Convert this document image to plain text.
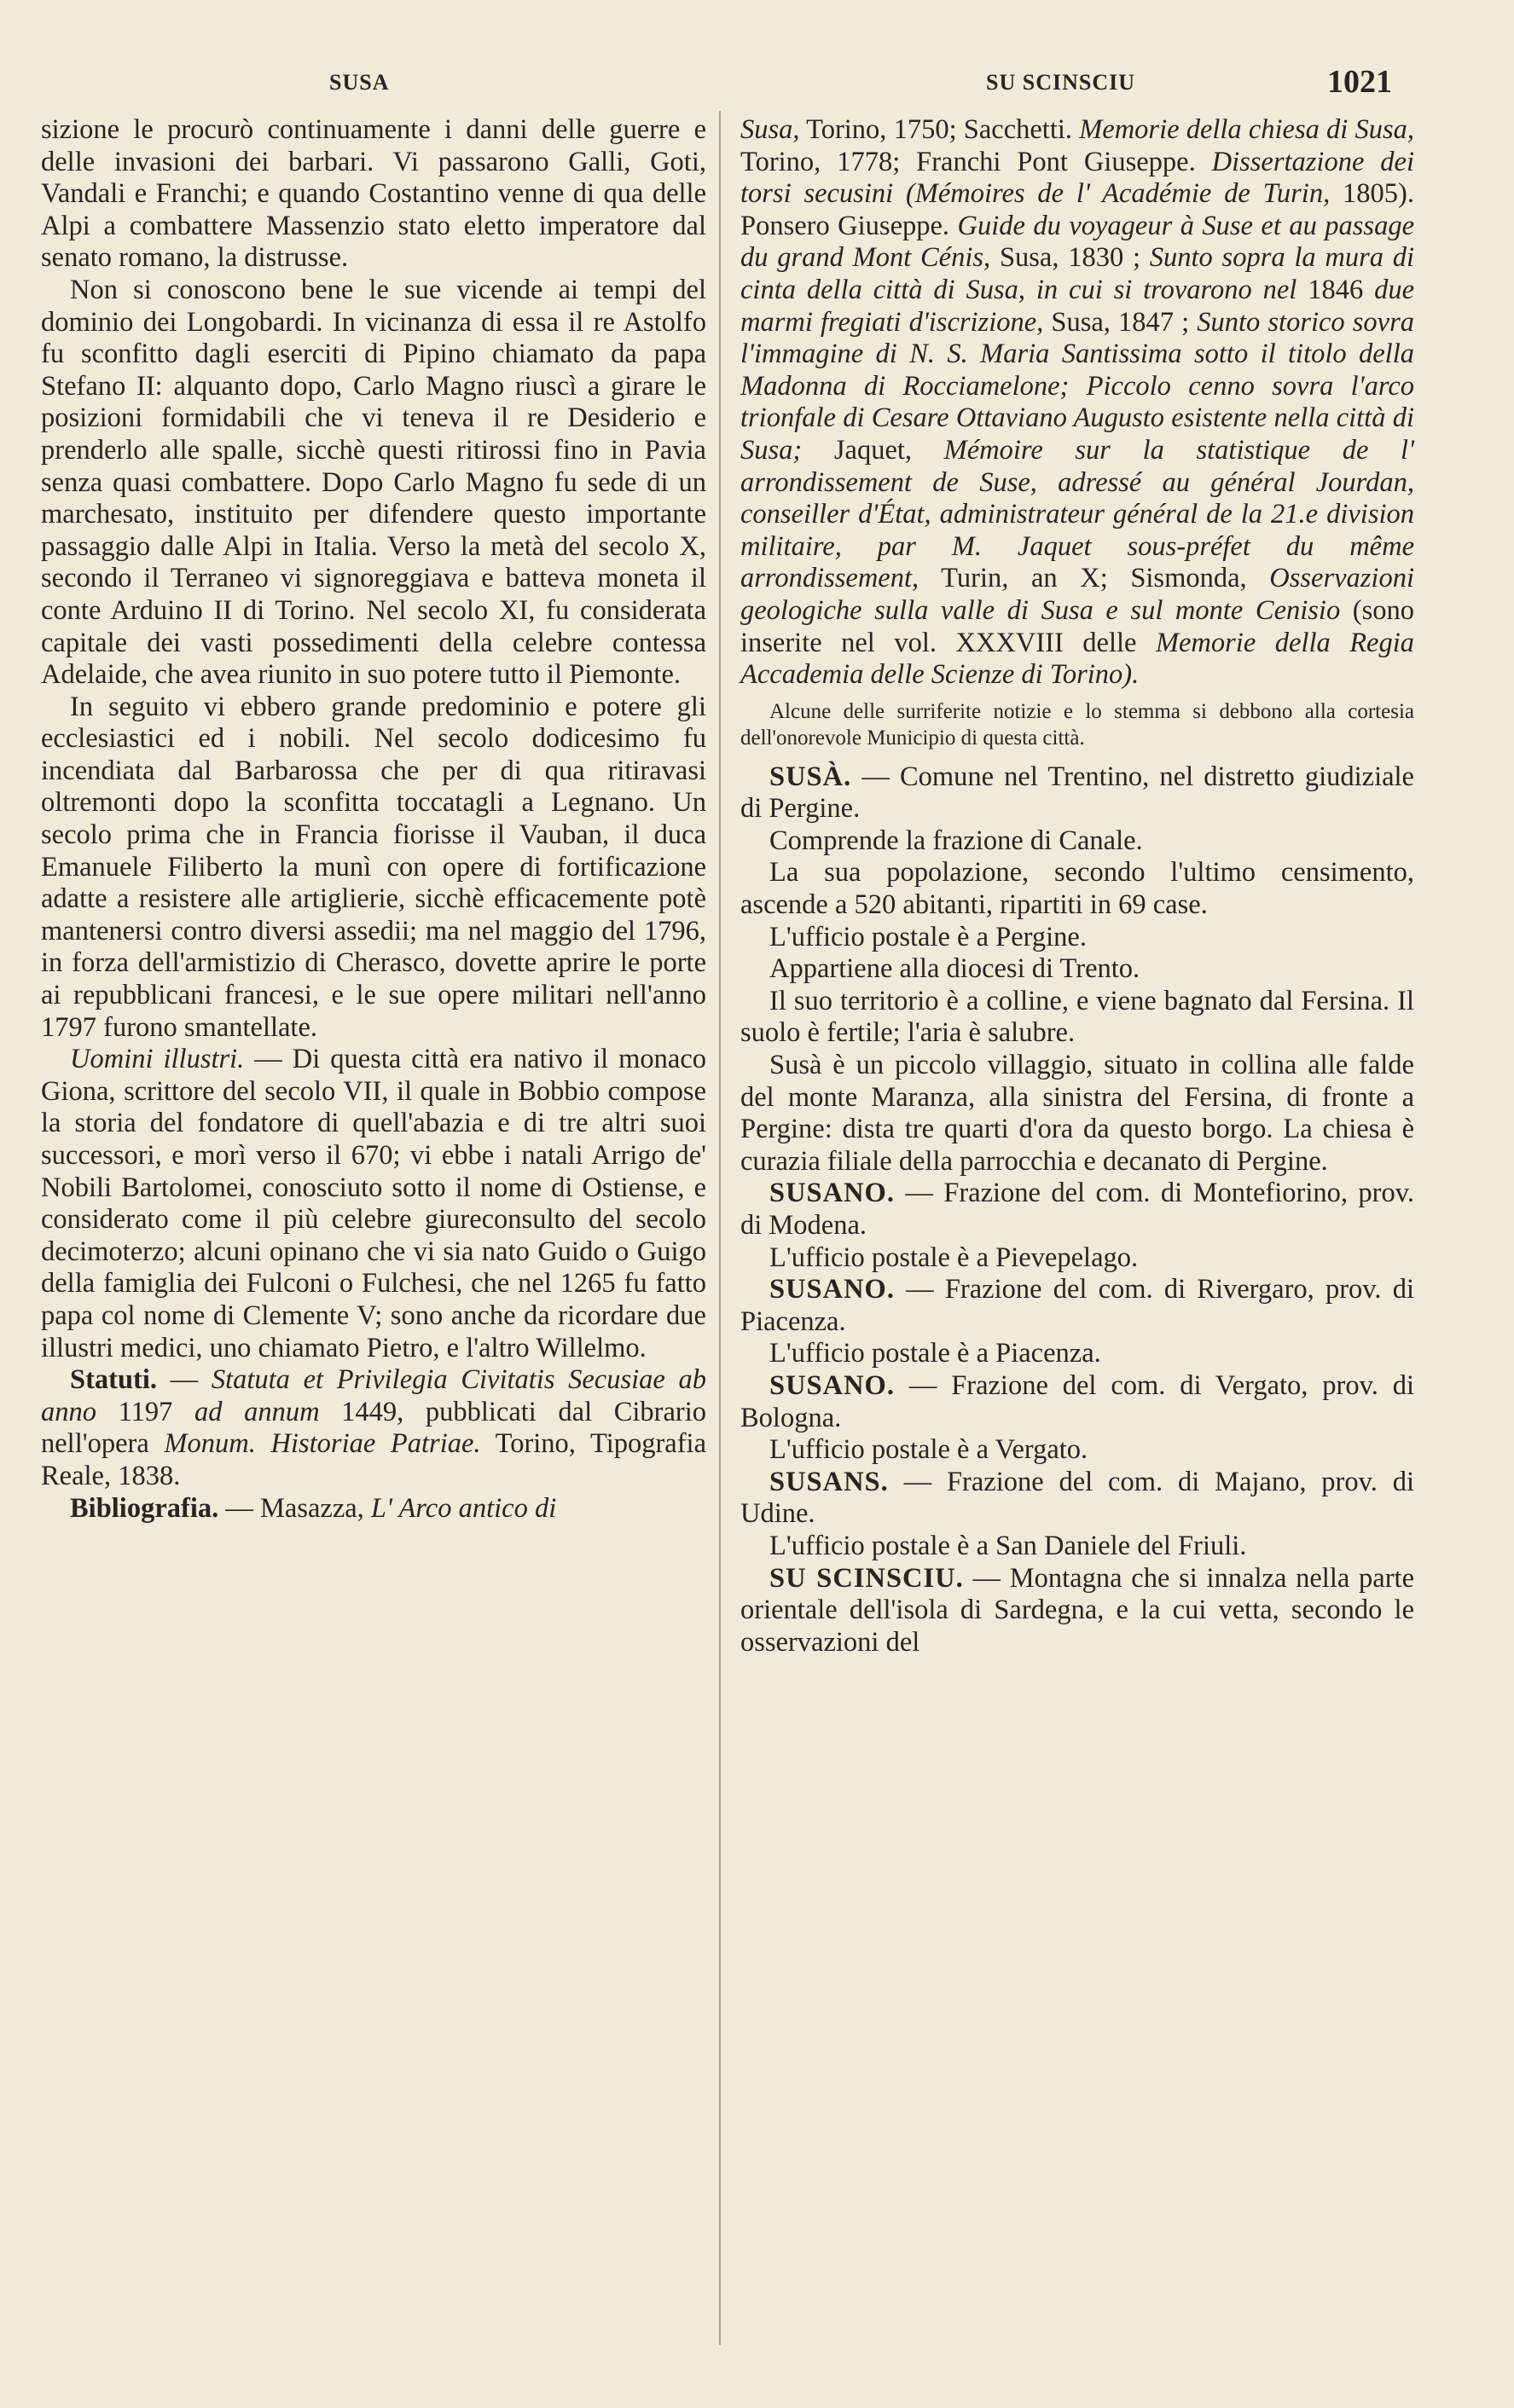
SUSA	SU SCINSCIU	1021

sizione le procurò continuamente i danni delle guerre e delle invasioni dei barbari. Vi passarono Galli, Goti, Vandali e Franchi; e quando Costantino venne di qua delle Alpi a combattere Massenzio stato eletto imperatore dal senato romano, la distrusse.

Non si conoscono bene le sue vicende ai tempi del dominio dei Longobardi. In vicinanza di essa il re Astolfo fu sconfitto dagli eserciti di Pipino chiamato da papa Stefano II: alquanto dopo, Carlo Magno riuscì a girare le posizioni formidabili che vi teneva il re Desiderio e prenderlo alle spalle, sicchè questi ritirossi fino in Pavia senza quasi combattere. Dopo Carlo Magno fu sede di un marchesato, instituito per difendere questo importante passaggio dalle Alpi in Italia. Verso la metà del secolo X, secondo il Terraneo vi signoreggiava e batteva moneta il conte Arduino II di Torino. Nel secolo XI, fu considerata capitale dei vasti possedimenti della celebre contessa Adelaide, che avea riunito in suo potere tutto il Piemonte.

In seguito vi ebbero grande predominio e potere gli ecclesiastici ed i nobili. Nel secolo dodicesimo fu incendiata dal Barbarossa che per di qua ritiravasi oltremonti dopo la sconfitta toccatagli a Legnano. Un secolo prima che in Francia fiorisse il Vauban, il duca Emanuele Filiberto la munì con opere di fortificazione adatte a resistere alle artiglierie, sicchè efficacemente potè mantenersi contro diversi assedii; ma nel maggio del 1796, in forza dell'armistizio di Cherasco, dovette aprire le porte ai repubblicani francesi, e le sue opere militari nell'anno 1797 furono smantellate.

Uomini illustri. — Di questa città era nativo il monaco Giona, scrittore del secolo VII, il quale in Bobbio compose la storia del fondatore di quell'abazia e di tre altri suoi successori, e morì verso il 670; vi ebbe i natali Arrigo de' Nobili Bartolomei, conosciuto sotto il nome di Ostiense, e considerato come il più celebre giureconsulto del secolo decimoterzo; alcuni opinano che vi sia nato Guido o Guigo della famiglia dei Fulconi o Fulchesi, che nel 1265 fu fatto papa col nome di Clemente V; sono anche da ricordare due illustri medici, uno chiamato Pietro, e l'altro Willelmo.

Statuti. — Statuta et Privilegia Civitatis Secusiae ab anno 1197 ad annum 1449, pubblicati dal Cibrario nell'opera Monum. Historiae Patriae. Torino, Tipografia Reale, 1838.

Bibliografia. — Masazza, L' Arco antico di

Susa, Torino, 1750; Sacchetti. Memorie della chiesa di Susa, Torino, 1778; Franchi Pont Giuseppe. Dissertazione dei torsi secusini (Mémoires de l' Académie de Turin, 1805). Ponsero Giuseppe. Guide du voyageur à Suse et au passage du grand Mont Cénis, Susa, 1830 ; Sunto sopra la mura di cinta della città di Susa, in cui si trovarono nel 1846 due marmi fregiati d'iscrizione, Susa, 1847 ; Sunto storico sovra l'immagine di N. S. Maria Santissima sotto il titolo della Madonna di Rocciamelone; Piccolo cenno sovra l'arco trionfale di Cesare Ottaviano Augusto esistente nella città di Susa; Jaquet, Mémoire sur la statistique de l' arrondissement de Suse, adressé au général Jourdan, conseiller d'État, administrateur général de la 21.e division militaire, par M. Jaquet sous-préfet du même arrondissement, Turin, an X; Sismonda, Osservazioni geologiche sulla valle di Susa e sul monte Cenisio (sono inserite nel vol. XXXVIII delle Memorie della Regia Accademia delle Scienze di Torino).

Alcune delle surriferite notizie e lo stemma si debbono alla cortesia dell'onorevole Municipio di questa città.

SUSÀ. — Comune nel Trentino, nel distretto giudiziale di Pergine.

Comprende la frazione di Canale.

La sua popolazione, secondo l'ultimo censimento, ascende a 520 abitanti, ripartiti in 69 case.

L'ufficio postale è a Pergine.

Appartiene alla diocesi di Trento.

Il suo territorio è a colline, e viene bagnato dal Fersina. Il suolo è fertile; l'aria è salubre.

Susà è un piccolo villaggio, situato in collina alle falde del monte Maranza, alla sinistra del Fersina, di fronte a Pergine: dista tre quarti d'ora da questo borgo. La chiesa è curazia filiale della parrocchia e decanato di Pergine.

SUSANO. — Frazione del com. di Montefiorino, prov. di Modena.

L'ufficio postale è a Pievepelago.

SUSANO. — Frazione del com. di Rivergaro, prov. di Piacenza.

L'ufficio postale è a Piacenza.

SUSANO. — Frazione del com. di Vergato, prov. di Bologna.

L'ufficio postale è a Vergato.

SUSANS. — Frazione del com. di Majano, prov. di Udine.

L'ufficio postale è a San Daniele del Friuli.

SU SCINSCIU. — Montagna che si innalza nella parte orientale dell'isola di Sardegna, e la cui vetta, secondo le osservazioni del
